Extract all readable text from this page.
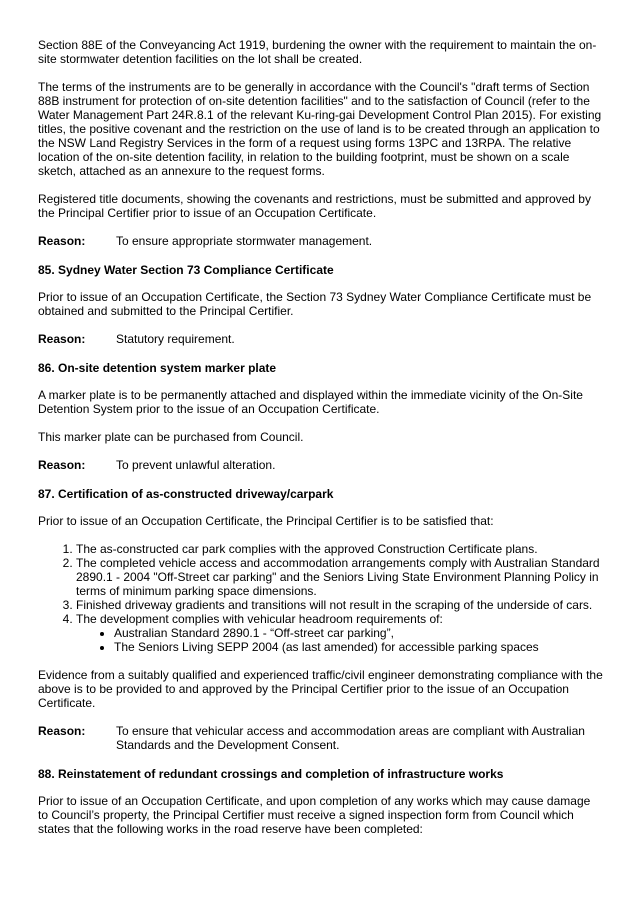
Section 88E of the Conveyancing Act 1919, burdening the owner with the requirement to maintain the on-site stormwater detention facilities on the lot shall be created.

The terms of the instruments are to be generally in accordance with the Council's "draft terms of Section 88B instrument for protection of on-site detention facilities" and to the satisfaction of Council (refer to the Water Management Part 24R.8.1 of the relevant Ku-ring-gai Development Control Plan 2015). For existing titles, the positive covenant and the restriction on the use of land is to be created through an application to the NSW Land Registry Services in the form of a request using forms 13PC and 13RPA. The relative location of the on-site detention facility, in relation to the building footprint, must be shown on a scale sketch, attached as an annexure to the request forms.

Registered title documents, showing the covenants and restrictions, must be submitted and approved by the Principal Certifier prior to issue of an Occupation Certificate.

Reason:	To ensure appropriate stormwater management.

85. Sydney Water Section 73 Compliance Certificate

Prior to issue of an Occupation Certificate, the Section 73 Sydney Water Compliance Certificate must be obtained and submitted to the Principal Certifier.

Reason:	Statutory requirement.

86. On-site detention system marker plate

A marker plate is to be permanently attached and displayed within the immediate vicinity of the On-Site Detention System prior to the issue of an Occupation Certificate.

This marker plate can be purchased from Council.

Reason:	To prevent unlawful alteration.

87. Certification of as-constructed driveway/carpark

Prior to issue of an Occupation Certificate, the Principal Certifier is to be satisfied that:

1. The as-constructed car park complies with the approved Construction Certificate plans.
2. The completed vehicle access and accommodation arrangements comply with Australian Standard 2890.1 - 2004 "Off-Street car parking" and the Seniors Living State Environment Planning Policy in terms of minimum parking space dimensions.
3. Finished driveway gradients and transitions will not result in the scraping of the underside of cars.
4. The development complies with vehicular headroom requirements of:
• Australian Standard 2890.1 - “Off-street car parking”,
• The Seniors Living SEPP 2004 (as last amended) for accessible parking spaces

Evidence from a suitably qualified and experienced traffic/civil engineer demonstrating compliance with the above is to be provided to and approved by the Principal Certifier prior to the issue of an Occupation Certificate.

Reason:	To ensure that vehicular access and accommodation areas are compliant with Australian Standards and the Development Consent.

88. Reinstatement of redundant crossings and completion of infrastructure works

Prior to issue of an Occupation Certificate, and upon completion of any works which may cause damage to Council’s property, the Principal Certifier must receive a signed inspection form from Council which states that the following works in the road reserve have been completed:
